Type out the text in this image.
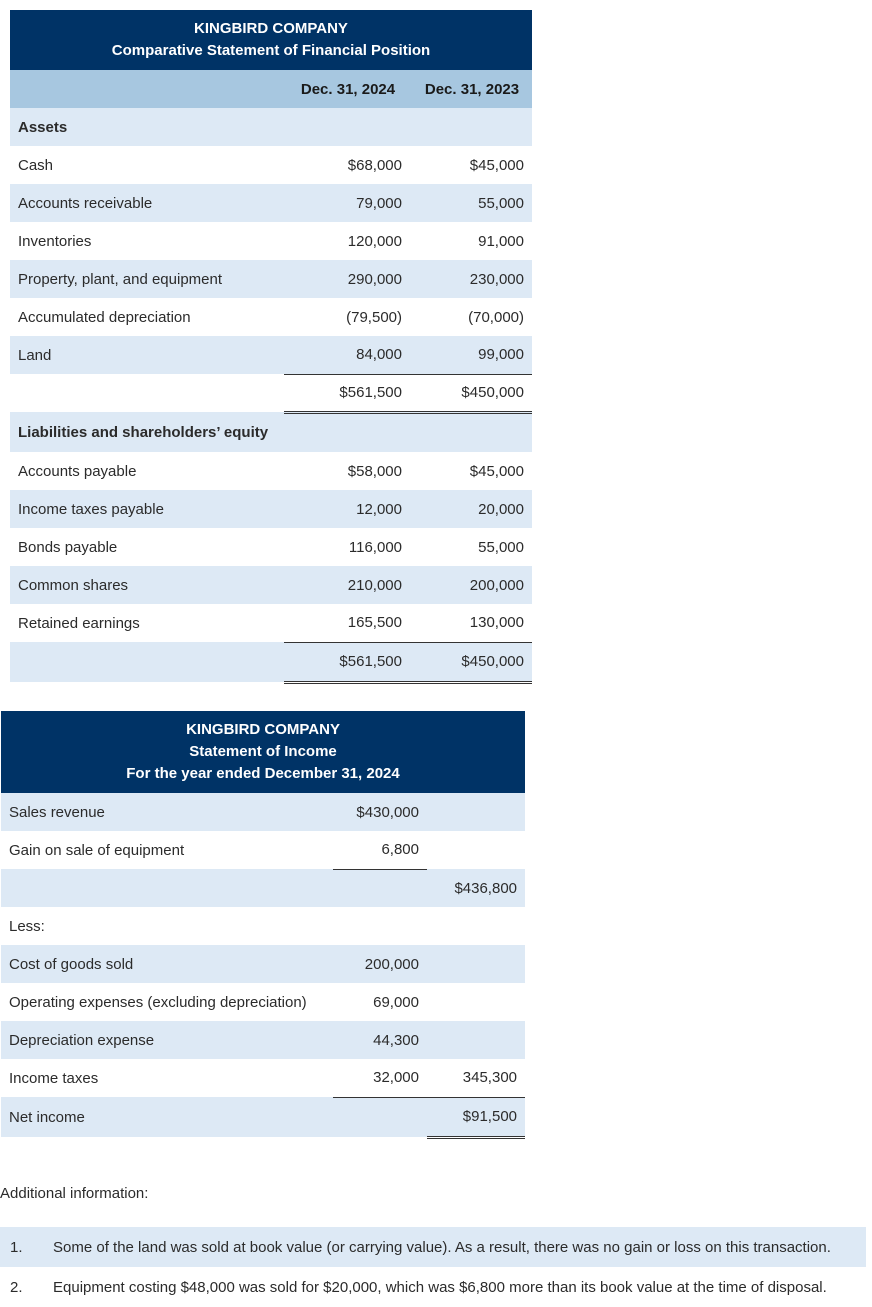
KINGBIRD COMPANY
Comparative Statement of Financial Position		

	Dec. 31, 2024	Dec. 31, 2023
Assets		
Cash	$68,000	$45,000
Accounts receivable	79,000	55,000
Inventories	120,000	91,000
Property, plant, and equipment	290,000	230,000
Accumulated depreciation	(79,500)	(70,000)
Land	84,000	99,000
	$561,500	$450,000
Liabilities and shareholders’ equity		
Accounts payable	$58,000	$45,000
Income taxes payable	12,000	20,000
Bonds payable	116,000	55,000
Common shares	210,000	200,000
Retained earnings	165,500	130,000
	$561,500	$450,000
KINGBIRD COMPANY
Statement of Income
For the year ended December 31, 2024		

Sales revenue	$430,000	
Gain on sale of equipment	6,800	
		$436,800
Less:		
Cost of goods sold	200,000	
Operating expenses (excluding depreciation)	69,000	
Depreciation expense	44,300	
Income taxes	32,000	345,300
Net income		$91,500
Additional information:
1.	Some of the land was sold at book value (or carrying value). As a result, there was no gain or loss on this transaction.
2.	Equipment costing $48,000 was sold for $20,000, which was $6,800 more than its book value at the time of disposal.
